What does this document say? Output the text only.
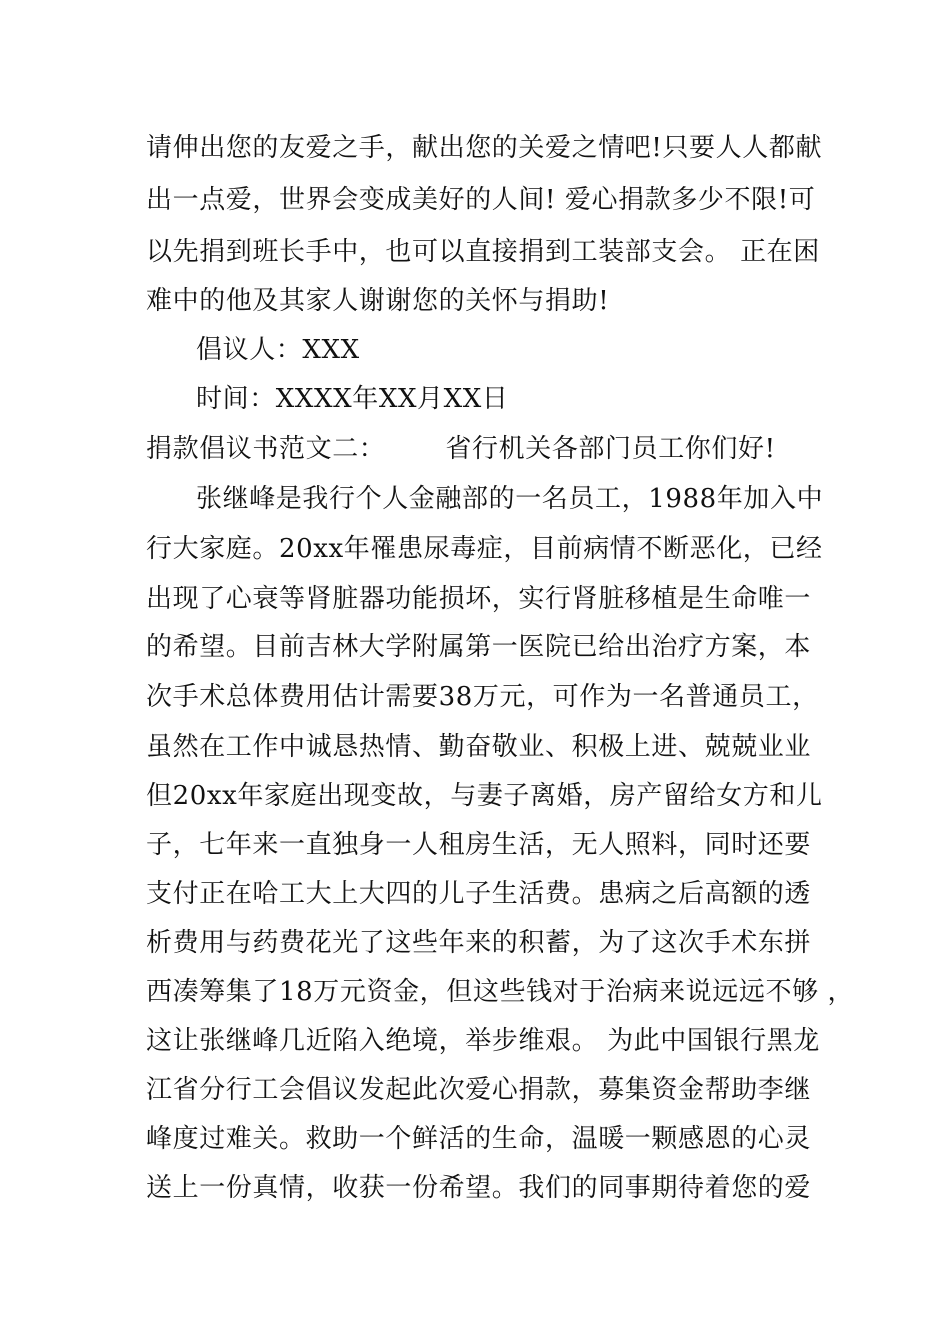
请伸出您的友爱之手，献出您的关爱之情吧!只要人人都献
出一点爱，世界会变成美好的人间! 爱心捐款多少不限!可
以先捐到班长手中，也可以直接捐到工装部支会。 正在困
难中的他及其家人谢谢您的关怀与捐助!
倡议人：XXX
时间：XXXX年XX月XX日
捐款倡议书范文二： 省行机关各部门员工你们好!
张继峰是我行个人金融部的一名员工，1988年加入中
行大家庭。20xx年罹患尿毒症，目前病情不断恶化，已经
出现了心衰等肾脏器功能损坏，实行肾脏移植是生命唯一
的希望。目前吉林大学附属第一医院已给出治疗方案，本
次手术总体费用估计需要38万元，可作为一名普通员工，
虽然在工作中诚恳热情、勤奋敬业、积极上进、兢兢业业
但20xx年家庭出现变故，与妻子离婚，房产留给女方和儿
子，七年来一直独身一人租房生活，无人照料，同时还要
支付正在哈工大上大四的儿子生活费。患病之后高额的透
析费用与药费花光了这些年来的积蓄，为了这次手术东拼
西凑筹集了18万元资金，但这些钱对于治病来说远远不够 ，
这让张继峰几近陷入绝境，举步维艰。 为此中国银行黑龙
江省分行工会倡议发起此次爱心捐款，募集资金帮助李继
峰度过难关。救助一个鲜活的生命，温暖一颗感恩的心灵
送上一份真情，收获一份希望。我们的同事期待着您的爱
